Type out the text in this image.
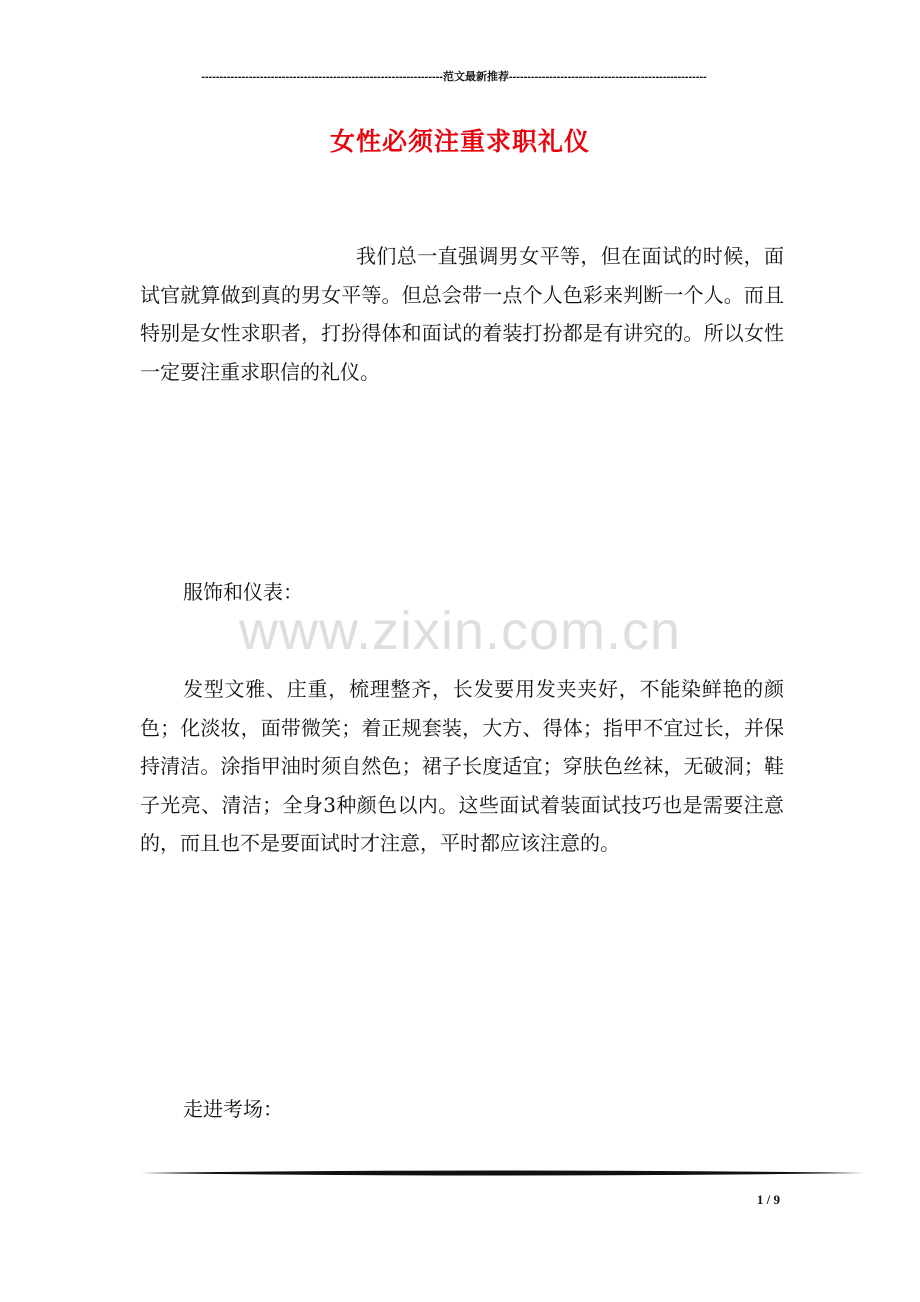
------------------------------------------------------------------范文最新推荐------------------------------------------------------
女性必须注重求职礼仪

我们总一直强调男女平等，但在面试的时候，面试官就算做到真的男女平等。但总会带一点个人色彩来判断一个人。而且特别是女性求职者，打扮得体和面试的着装打扮都是有讲究的。所以女性一定要注重求职信的礼仪。

www.zixin.com.cn

服饰和仪表：

发型文雅、庄重，梳理整齐，长发要用发夹夹好，不能染鲜艳的颜色；化淡妆，面带微笑；着正规套装，大方、得体；指甲不宜过长，并保持清洁。涂指甲油时须自然色；裙子长度适宜；穿肤色丝袜，无破洞；鞋子光亮、清洁；全身3种颜色以内。这些面试着装面试技巧也是需要注意的，而且也不是要面试时才注意，平时都应该注意的。

走进考场：

1 / 9
